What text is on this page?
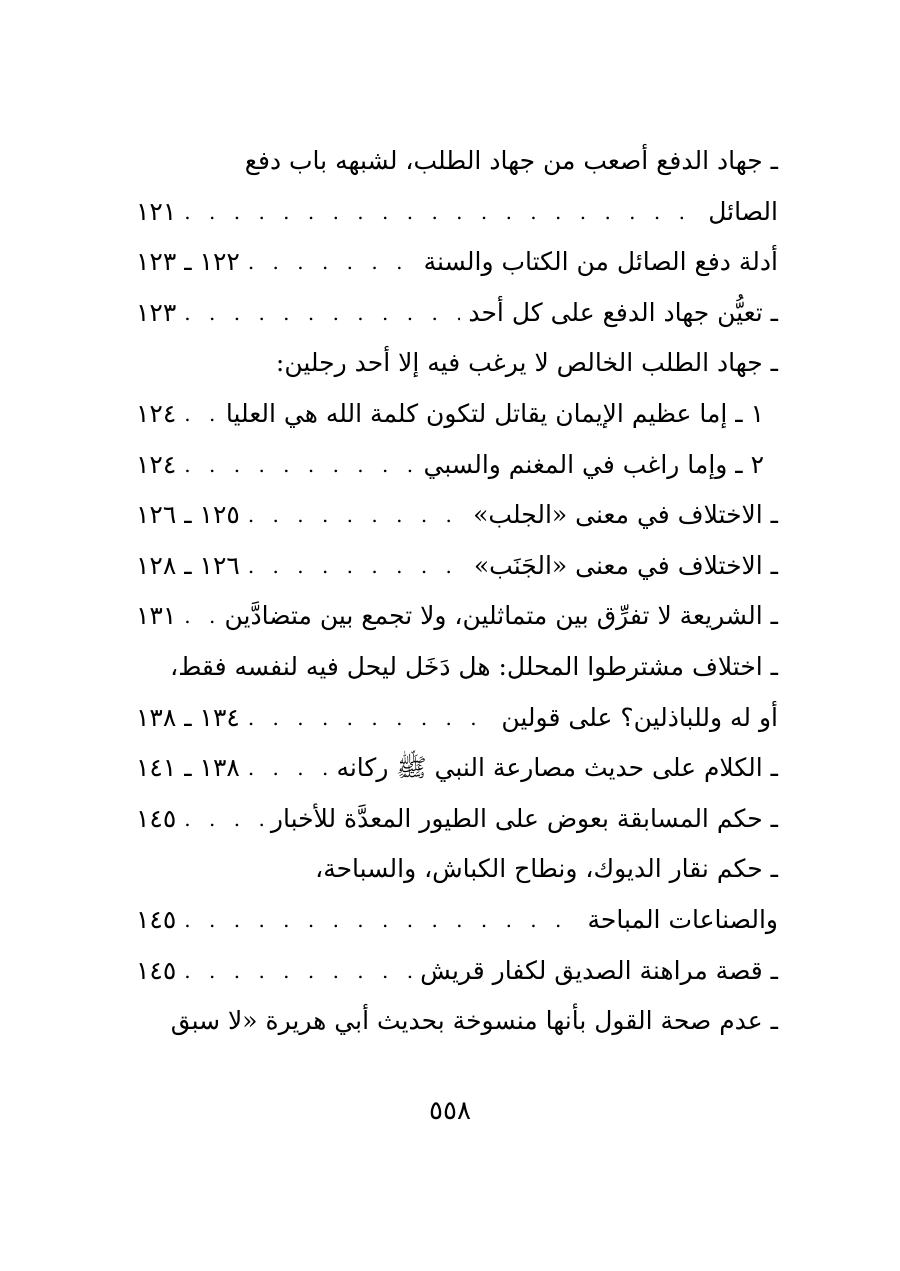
ـ جهاد الدفع أصعب من جهاد الطلب، لشبهه باب دفع
الصائل
. . .
١٢١
أدلة دفع الصائل من الكتاب والسنة
. . .
١٢٢ ـ ١٢٣
ـ تعيُّن جهاد الدفع على كل أحد
. . .
١٢٣
ـ جهاد الطلب الخالص لا يرغب فيه إلا أحد رجلين:
١ ـ إما عظيم الإيمان يقاتل لتكون كلمة الله هي العليا
. . .
١٢٤
٢ ـ وإما راغب في المغنم والسبي
. . .
١٢٤
ـ الاختلاف في معنى «الجلب»
. . .
١٢٥ ـ ١٢٦
ـ الاختلاف في معنى «الجَنَب»
. . .
١٢٦ ـ ١٢٨
ـ الشريعة لا تفرِّق بين متماثلين، ولا تجمع بين متضادَّين
. . .
١٣١
ـ اختلاف مشترطوا المحلل: هل دَخَل ليحل فيه لنفسه فقط،
أو له وللباذلين؟ على قولين
. . .
١٣٤ ـ ١٣٨
ـ الكلام على حديث مصارعة النبي ﷺ ركانه
. . .
١٣٨ ـ ١٤١
ـ حكم المسابقة بعوض على الطيور المعدَّة للأخبار
. . .
١٤٥
ـ حكم نقار الديوك، ونطاح الكباش، والسباحة،
والصناعات المباحة
. . .
١٤٥
ـ قصة مراهنة الصديق لكفار قريش
. . .
١٤٥
ـ عدم صحة القول بأنها منسوخة بحديث أبي هريرة «لا سبق
٥٥٨
